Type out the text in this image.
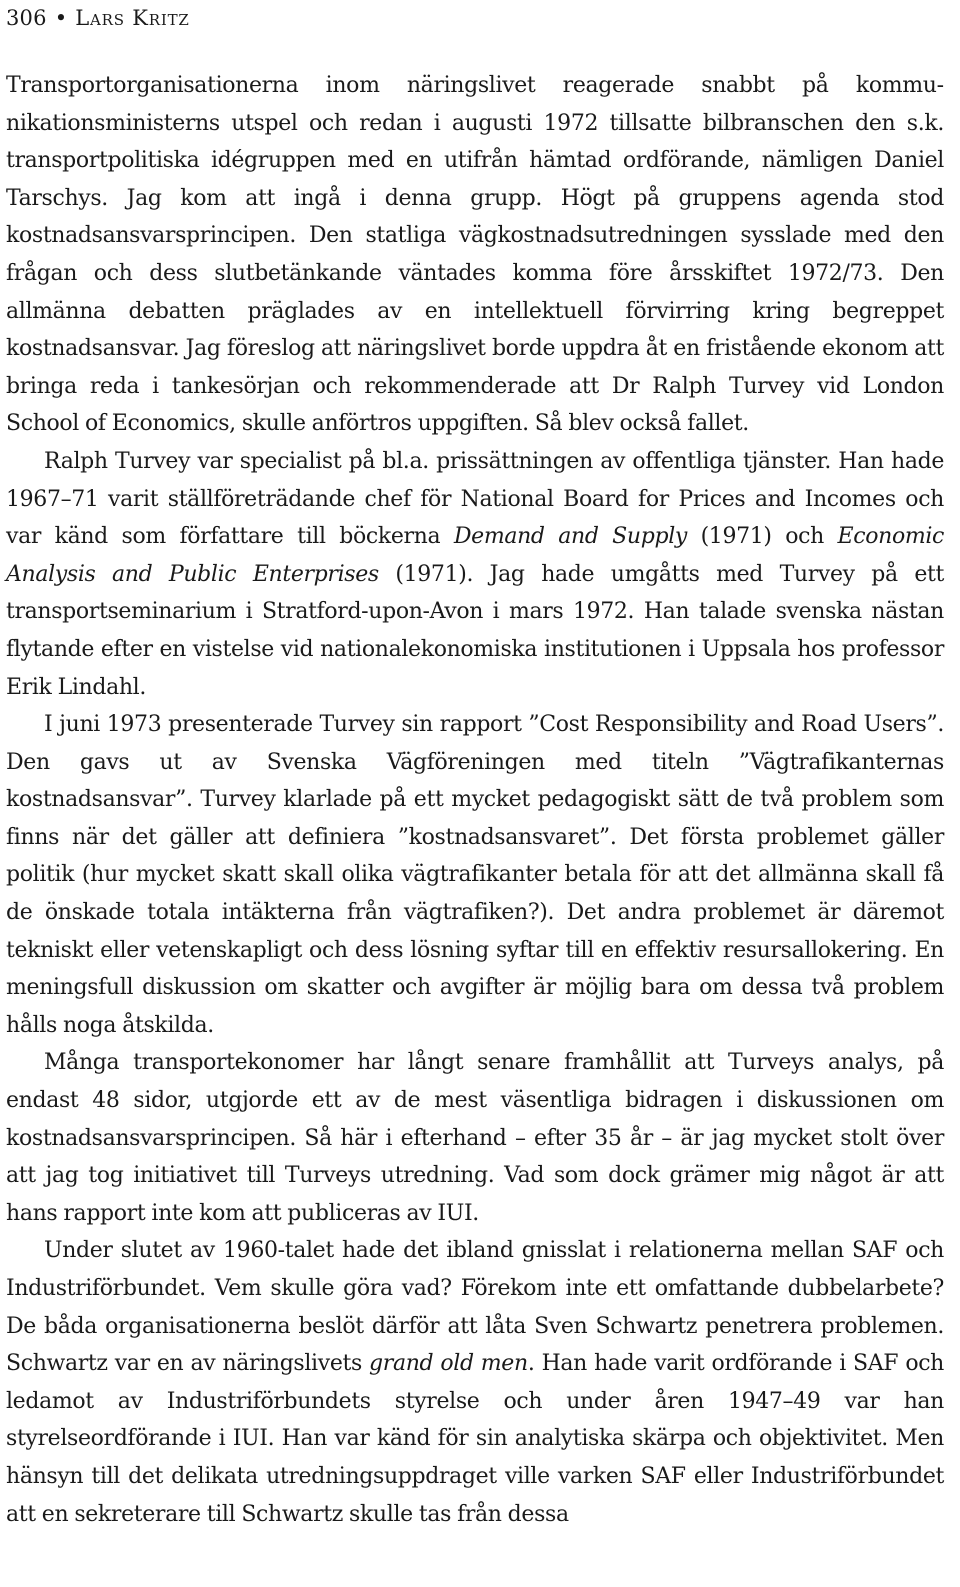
306 • Lars Kritz

Transportorganisationerna inom näringslivet reagerade snabbt på kommunikationsministerns utspel och redan i augusti 1972 tillsatte bilbranschen den s.k. transportpolitiska idégruppen med en utifrån hämtad ordförande, nämligen Daniel Tarschys. Jag kom att ingå i denna grupp. Högt på gruppens agenda stod kostnadsansvarsprincipen. Den statliga vägkostnadsutredningen sysslade med den frågan och dess slutbetänkande väntades komma före årsskiftet 1972/73. Den allmänna debatten präglades av en intellektuell förvirring kring begreppet kostnadsansvar. Jag föreslog att näringslivet borde uppdra åt en fristående ekonom att bringa reda i tankesörjan och rekommenderade att Dr Ralph Turvey vid London School of Economics, skulle anförtros uppgiften. Så blev också fallet.

Ralph Turvey var specialist på bl.a. prissättningen av offentliga tjänster. Han hade 1967–71 varit ställföreträdande chef för National Board for Prices and Incomes och var känd som författare till böckerna Demand and Supply (1971) och Economic Analysis and Public Enterprises (1971). Jag hade umgåtts med Turvey på ett transportseminarium i Stratford-upon-Avon i mars 1972. Han talade svenska nästan flytande efter en vistelse vid nationalekonomiska institutionen i Uppsala hos professor Erik Lindahl.

I juni 1973 presenterade Turvey sin rapport ”Cost Responsibility and Road Users”. Den gavs ut av Svenska Vägföreningen med titeln ”Vägtrafikanternas kostnadsansvar”. Turvey klarlade på ett mycket pedagogiskt sätt de två problem som finns när det gäller att definiera ”kostnadsansvaret”. Det första problemet gäller politik (hur mycket skatt skall olika vägtrafikanter betala för att det allmänna skall få de önskade totala intäkterna från vägtrafiken?). Det andra problemet är däremot tekniskt eller vetenskapligt och dess lösning syftar till en effektiv resursallokering. En meningsfull diskussion om skatter och avgifter är möjlig bara om dessa två problem hålls noga åtskilda.

Många transportekonomer har långt senare framhållit att Turveys analys, på endast 48 sidor, utgjorde ett av de mest väsentliga bidragen i diskussionen om kostnadsansvarsprincipen. Så här i efterhand – efter 35 år – är jag mycket stolt över att jag tog initiativet till Turveys utredning. Vad som dock grämer mig något är att hans rapport inte kom att publiceras av IUI.

Under slutet av 1960-talet hade det ibland gnisslat i relationerna mellan SAF och Industriförbundet. Vem skulle göra vad? Förekom inte ett omfattande dubbelarbete? De båda organisationerna beslöt därför att låta Sven Schwartz penetrera problemen. Schwartz var en av näringslivets grand old men. Han hade varit ordförande i SAF och ledamot av Industriförbundets styrelse och under åren 1947–49 var han styrelseordförande i IUI. Han var känd för sin analytiska skärpa och objektivitet. Men hänsyn till det delikata utredningsuppdraget ville varken SAF eller Industriförbundet att en sekreterare till Schwartz skulle tas från dessa
